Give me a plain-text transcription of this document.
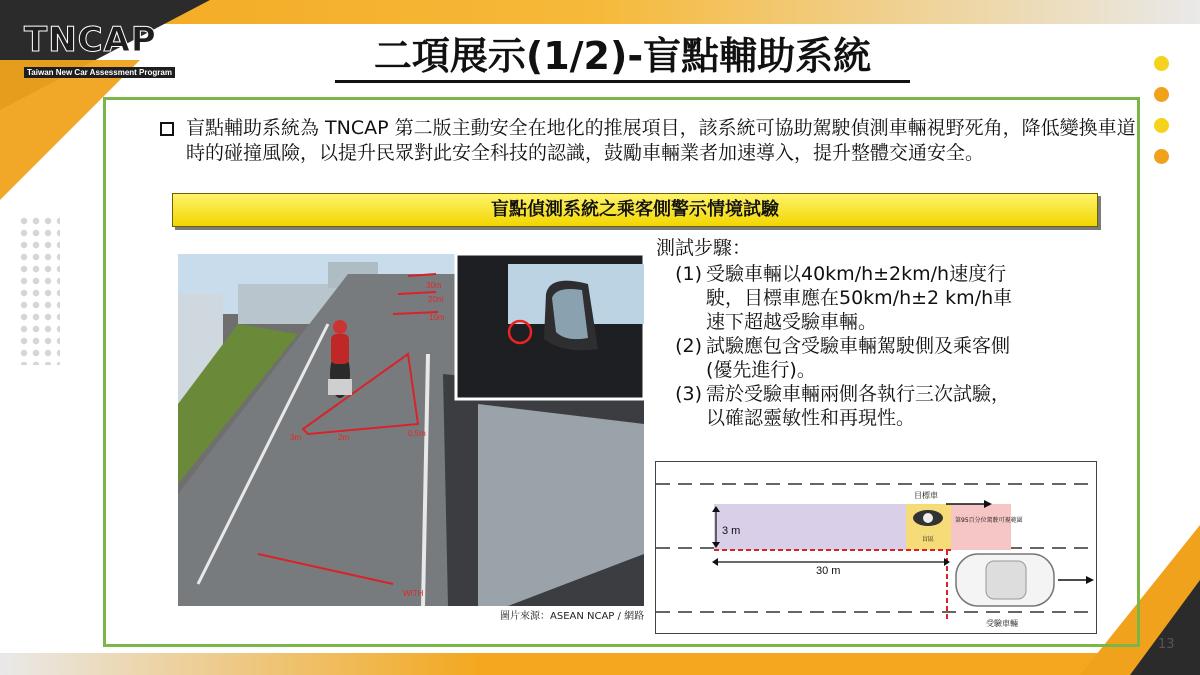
TNCAP
Taiwan New Car Assessment Program	二項展示(1/2)-盲點輔助系統
盲點輔助系統為 TNCAP 第二版主動安全在地化的推展項目，該系統可協助駕駛偵測車輛視野死角，降低變換車道時的碰撞風險，以提升民眾對此安全科技的認識，鼓勵車輛業者加速導入，提升整體交通安全。
盲點偵測系統之乘客側警示情境試驗
30m
20m
10m
3m	2m	0.5m
WITH
圖片來源：ASEAN NCAP / 網路
測試步驟：
(1) 受驗車輛以40km/h±2km/h速度行駛，目標車應在50km/h±2 km/h車速下超越受驗車輛。
(2) 試驗應包含受驗車輛駕駛側及乘客側(優先進行)。
(3) 需於受驗車輛兩側各執行三次試驗，以確認靈敏性和再現性。
3 m
30 m
目標車
盲區
第95百分位駕駛可視範圍
受驗車輛
13
